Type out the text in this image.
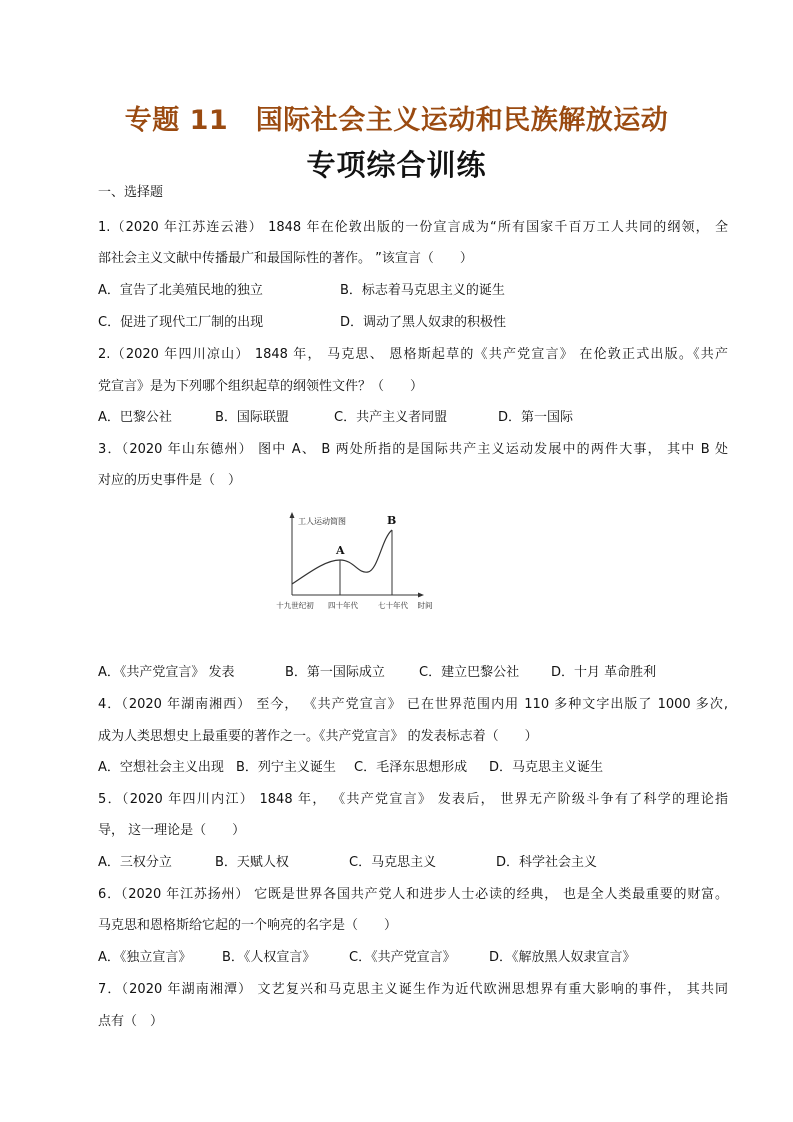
专题 11　国际社会主义运动和民族解放运动
专项综合训练
一、选择题
1.（2020 年江苏连云港） 1848 年在伦敦出版的一份宣言成为“所有国家千百万工人共同的纲领， 全
部社会主义文献中传播最广和最国际性的著作。 ”该宣言（　　）
A．宣告了北美殖民地的独立	B．标志着马克思主义的诞生
C．促进了现代工厂制的出现	D．调动了黑人奴隶的积极性
2.（2020 年四川凉山） 1848 年， 马克思、 恩格斯起草的《共产党宣言》 在伦敦正式出版。《共产
党宣言》是为下列哪个组织起草的纲领性文件？（　　）
A．巴黎公社	B．国际联盟	C．共产主义者同盟	D．第一国际
3．（2020 年山东德州） 图中 A、 B 两处所指的是国际共产主义运动发展中的两件大事， 其中 B 处
对应的历史事件是（　）
工人运动简图
A
B
十九世纪初 四十年代	七十年代 时间
A．《共产党宣言》 发表	B．第一国际成立	C．建立巴黎公社 D．十月 革命胜利
4．（2020 年湖南湘西） 至今， 《共产党宣言》 已在世界范围内用 110 多种文字出版了 1000 多次,
成为人类思想史上最重要的著作之一。《共产党宣言》 的发表标志着（　　）
A．空想社会主义出现 B．列宁主义诞生 C．毛泽东思想形成 D．马克思主义诞生
5．（2020 年四川内江） 1848 年， 《共产党宣言》 发表后， 世界无产阶级斗争有了科学的理论指
导， 这一理论是（　　）
A．三权分立	B．天赋人权	C．马克思主义	D．科学社会主义
6．（2020 年江苏扬州） 它既是世界各国共产党人和进步人士必读的经典， 也是全人类最重要的财富。
马克思和恩格斯给它起的一个响亮的名字是（　　）
A．《独立宣言》 B．《人权宣言》	C．《共产党宣言》	D．《解放黑人奴隶宣言》
7．（2020 年湖南湘潭） 文艺复兴和马克思主义诞生作为近代欧洲思想界有重大影响的事件， 其共同
点有（　）
